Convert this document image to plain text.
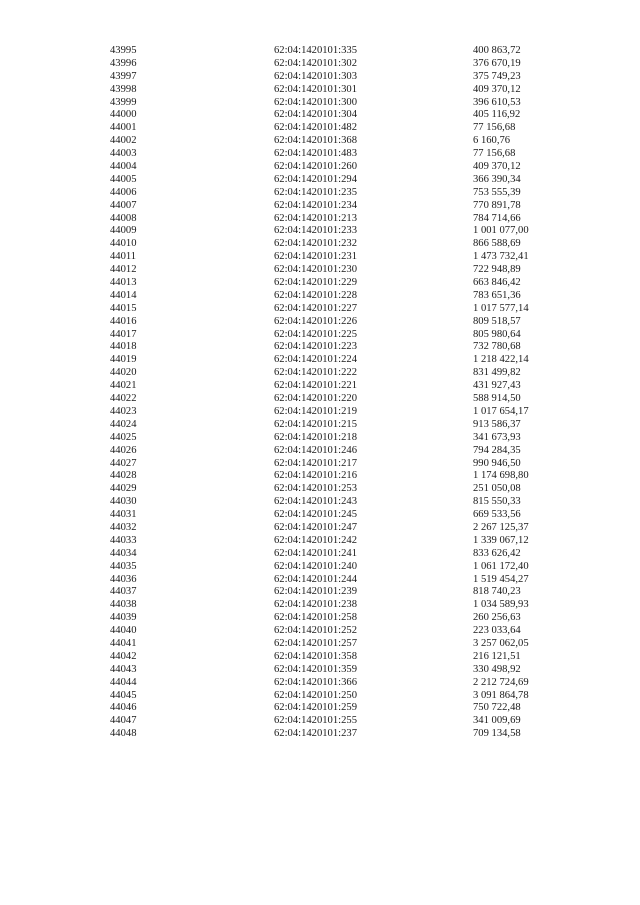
43995	62:04:1420101:335	400 863,72
43996	62:04:1420101:302	376 670,19
43997	62:04:1420101:303	375 749,23
43998	62:04:1420101:301	409 370,12
43999	62:04:1420101:300	396 610,53
44000	62:04:1420101:304	405 116,92
44001	62:04:1420101:482	77 156,68
44002	62:04:1420101:368	6 160,76
44003	62:04:1420101:483	77 156,68
44004	62:04:1420101:260	409 370,12
44005	62:04:1420101:294	366 390,34
44006	62:04:1420101:235	753 555,39
44007	62:04:1420101:234	770 891,78
44008	62:04:1420101:213	784 714,66
44009	62:04:1420101:233	1 001 077,00
44010	62:04:1420101:232	866 588,69
44011	62:04:1420101:231	1 473 732,41
44012	62:04:1420101:230	722 948,89
44013	62:04:1420101:229	663 846,42
44014	62:04:1420101:228	783 651,36
44015	62:04:1420101:227	1 017 577,14
44016	62:04:1420101:226	809 518,57
44017	62:04:1420101:225	805 980,64
44018	62:04:1420101:223	732 780,68
44019	62:04:1420101:224	1 218 422,14
44020	62:04:1420101:222	831 499,82
44021	62:04:1420101:221	431 927,43
44022	62:04:1420101:220	588 914,50
44023	62:04:1420101:219	1 017 654,17
44024	62:04:1420101:215	913 586,37
44025	62:04:1420101:218	341 673,93
44026	62:04:1420101:246	794 284,35
44027	62:04:1420101:217	990 946,50
44028	62:04:1420101:216	1 174 698,80
44029	62:04:1420101:253	251 050,08
44030	62:04:1420101:243	815 550,33
44031	62:04:1420101:245	669 533,56
44032	62:04:1420101:247	2 267 125,37
44033	62:04:1420101:242	1 339 067,12
44034	62:04:1420101:241	833 626,42
44035	62:04:1420101:240	1 061 172,40
44036	62:04:1420101:244	1 519 454,27
44037	62:04:1420101:239	818 740,23
44038	62:04:1420101:238	1 034 589,93
44039	62:04:1420101:258	260 256,63
44040	62:04:1420101:252	223 033,64
44041	62:04:1420101:257	3 257 062,05
44042	62:04:1420101:358	216 121,51
44043	62:04:1420101:359	330 498,92
44044	62:04:1420101:366	2 212 724,69
44045	62:04:1420101:250	3 091 864,78
44046	62:04:1420101:259	750 722,48
44047	62:04:1420101:255	341 009,69
44048	62:04:1420101:237	709 134,58
